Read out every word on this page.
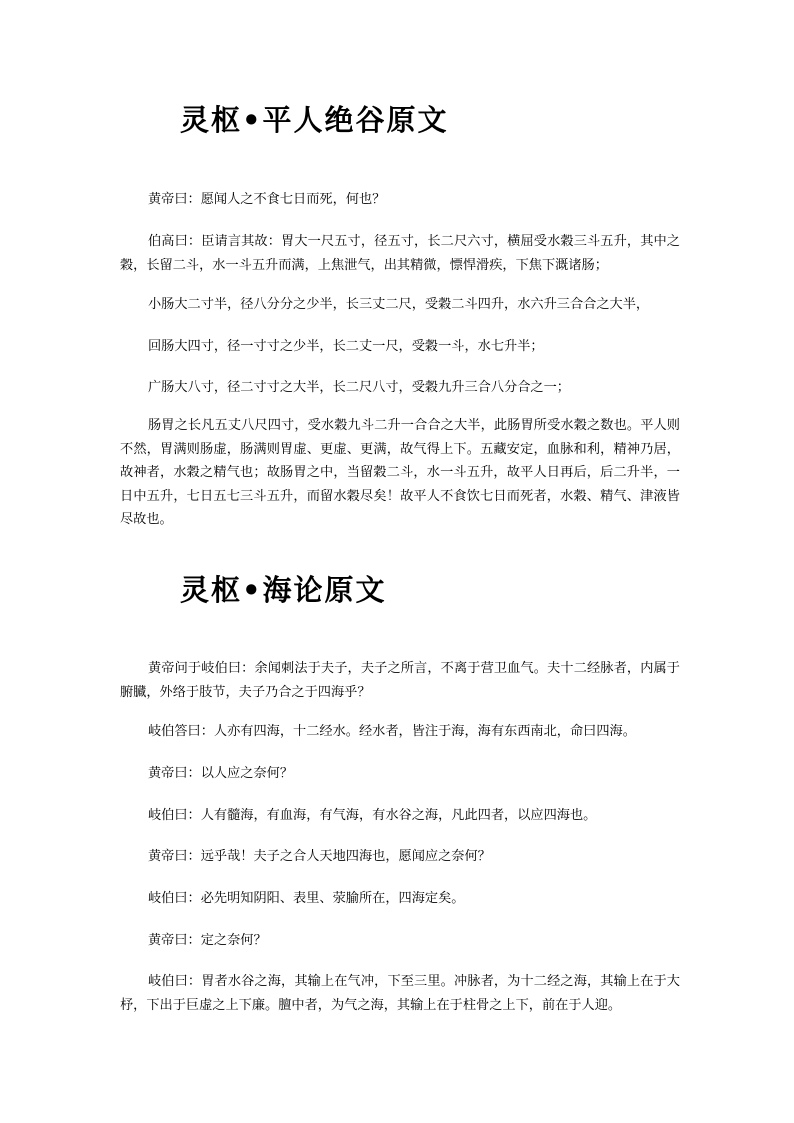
灵枢•平人绝谷原文

黄帝曰：愿闻人之不食七日而死，何也？

伯高曰：臣请言其故：胃大一尺五寸，径五寸，长二尺六寸，横屈受水穀三斗五升，其中之穀，长留二斗，水一斗五升而满，上焦泄气，出其精微，慓悍滑疾，下焦下溉诸肠；

小肠大二寸半，径八分分之少半，长三丈二尺，受穀二斗四升，水六升三合合之大半，

回肠大四寸，径一寸寸之少半，长二丈一尺，受穀一斗，水七升半；

广肠大八寸，径二寸寸之大半，长二尺八寸，受穀九升三合八分合之一；

肠胃之长凡五丈八尺四寸，受水穀九斗二升一合合之大半，此肠胃所受水穀之数也。平人则不然，胃满则肠虚，肠满则胃虚、更虚、更满，故气得上下。五藏安定，血脉和利，精神乃居，故神者，水穀之精气也；故肠胃之中，当留穀二斗，水一斗五升，故平人日再后，后二升半，一日中五升，七日五七三斗五升，而留水穀尽矣！故平人不食饮七日而死者，水穀、精气、津液皆尽故也。

灵枢•海论原文

黄帝问于岐伯曰：余闻刺法于夫子，夫子之所言，不离于营卫血气。夫十二经脉者，内属于腑臓，外络于肢节，夫子乃合之于四海乎？

岐伯答曰：人亦有四海，十二经水。经水者，皆注于海，海有东西南北，命曰四海。

黄帝曰：以人应之奈何？

岐伯曰：人有髓海，有血海，有气海，有水谷之海，凡此四者，以应四海也。

黄帝曰：远乎哉！夫子之合人天地四海也，愿闻应之奈何？

岐伯曰：必先明知阴阳、表里、荥腧所在，四海定矣。

黄帝曰：定之奈何？

岐伯曰：胃者水谷之海，其输上在气冲，下至三里。冲脉者，为十二经之海，其输上在于大杼，下出于巨虚之上下廉。膻中者，为气之海，其输上在于柱骨之上下，前在于人迎。
